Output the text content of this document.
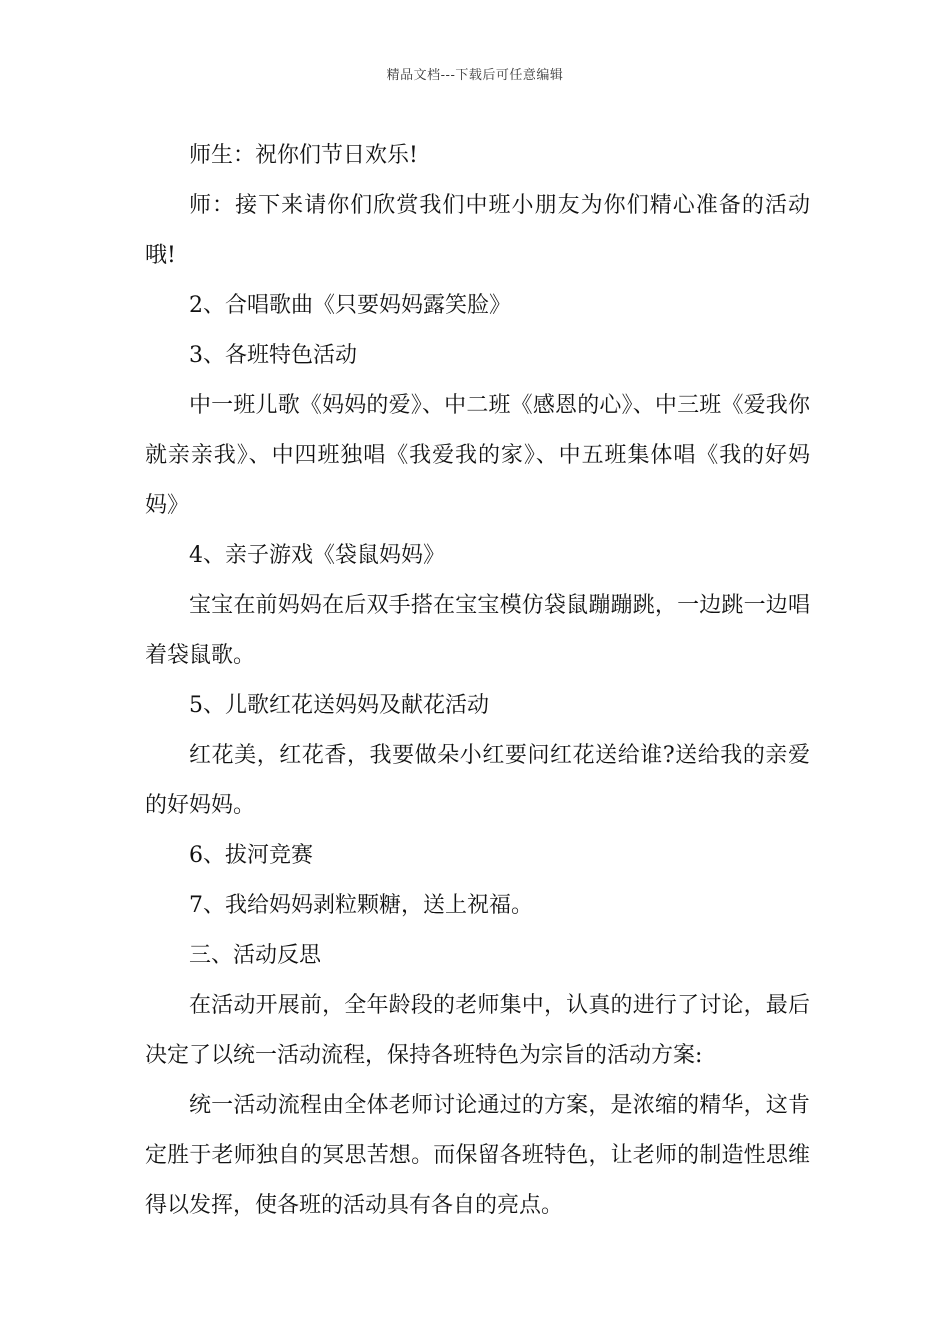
精品文档---下载后可任意编辑

师生：祝你们节日欢乐!

师：接下来请你们欣赏我们中班小朋友为你们精心准备的活动哦!

2、合唱歌曲《只要妈妈露笑脸》

3、各班特色活动

中一班儿歌《妈妈的爱》、中二班《感恩的心》、中三班《爱我你就亲亲我》、中四班独唱《我爱我的家》、中五班集体唱《我的好妈妈》

4、亲子游戏《袋鼠妈妈》

宝宝在前妈妈在后双手搭在宝宝模仿袋鼠蹦蹦跳，一边跳一边唱着袋鼠歌。

5、儿歌红花送妈妈及献花活动

红花美，红花香，我要做朵小红要问红花送给谁?送给我的亲爱的好妈妈。

6、拔河竞赛

7、我给妈妈剥粒颗糖，送上祝福。

三、活动反思

在活动开展前，全年龄段的老师集中，认真的进行了讨论，最后决定了以统一活动流程，保持各班特色为宗旨的活动方案:

统一活动流程由全体老师讨论通过的方案，是浓缩的精华，这肯定胜于老师独自的冥思苦想。而保留各班特色，让老师的制造性思维得以发挥，使各班的活动具有各自的亮点。
